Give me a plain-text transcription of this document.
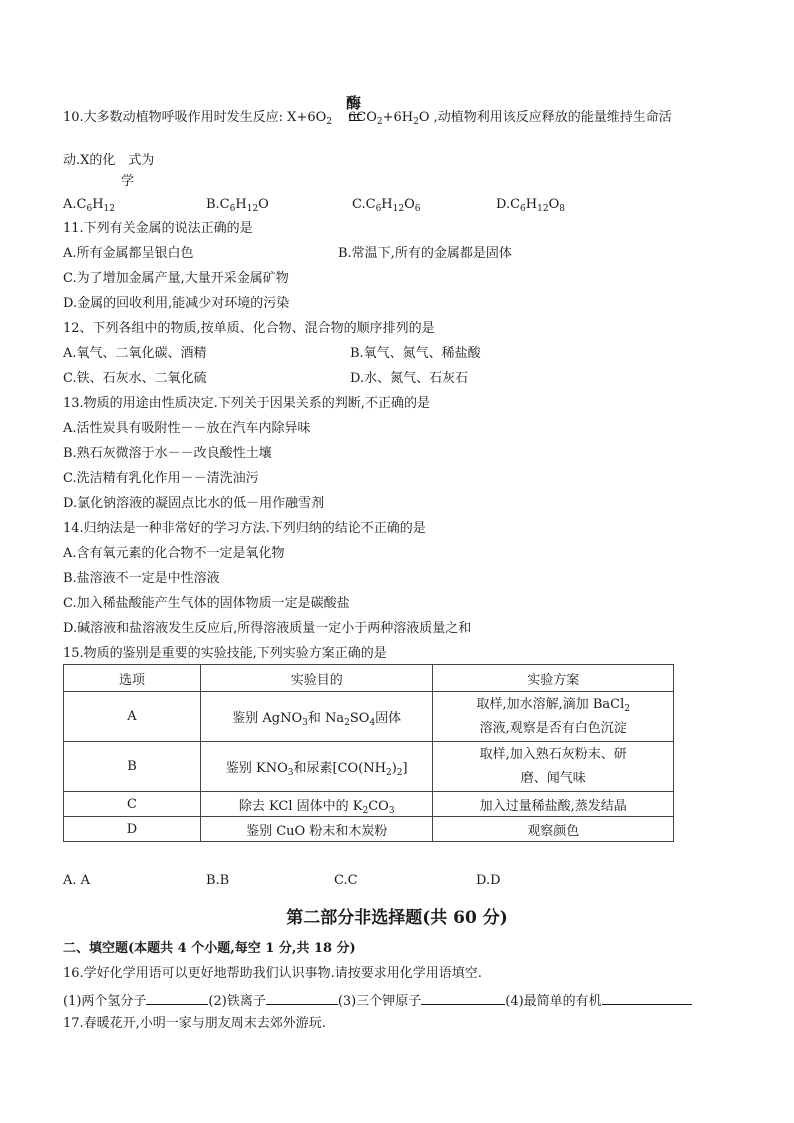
酶
10.大多数动植物呼吸作用时发生反应: $X+6O_2$ $6CO_2+6H_2O$ ,动植物利用该反应释放的能量维持生命活
动.X的化　式为
学
$A.C_6H_{12}$	$B.C_6H_{12}O$	$C.C_6H_{12}O_6$	$D.C_6H_{12}O_8$
11.下列有关金属的说法正确的是
A.所有金属都呈银白色	B.常温下,所有的金属都是固体
C.为了增加金属产量,大量开采金属矿物
D.金属的回收利用,能减少对环境的污染
12、下列各组中的物质,按单质、化合物、混合物的顺序排列的是
A.氧气、二氧化碳、酒精	B.氧气、氮气、稀盐酸
C.铁、石灰水、二氧化硫	D.水、氮气、石灰石
13.物质的用途由性质决定.下列关于因果关系的判断,不正确的是
A.活性炭具有吸附性－－放在汽车内除异味
B.熟石灰微溶于水－－改良酸性土壤
C.洗洁精有乳化作用－－清洗油污
D.氯化钠溶液的凝固点比水的低－用作融雪剂
14.归纳法是一种非常好的学习方法.下列归纳的结论不正确的是
A.含有氧元素的化合物不一定是氧化物
B.盐溶液不一定是中性溶液
C.加入稀盐酸能产生气体的固体物质一定是碳酸盐
D.碱溶液和盐溶液发生反应后,所得溶液质量一定小于两种溶液质量之和
15.物质的鉴别是重要的实验技能,下列实验方案正确的是
选项	实验目的	实验方案
A	鉴别 AgNO$_3$和 $Na_2SO_4$固体	取样,加水溶解,滴加 BaCl$_2$
溶液,观察是否有白色沉淀

B	鉴别 $KNO_3$和尿素$[CO(NH_2)_2]$	取样,加入熟石灰粉末、研
磨、闻气味

C	除去 KCl 固体中的 $K_2CO_3$	加入过量稀盐酸,蒸发结晶
D	鉴别 CuO 粉末和木炭粉	观察颜色
A. A	B.B	C.C	D.D
第二部分非选择题(共 60 分)
二、填空题(本题共 4 个小题,每空 1 分,共 18 分)
16.学好化学用语可以更好地帮助我们认识事物.请按要求用化学用语填空.
(1)两个氢分子	(2)铁离子	(3)三个钾原子	(4)最简单的有机
17.春暖花开,小明一家与朋友周末去郊外游玩.
